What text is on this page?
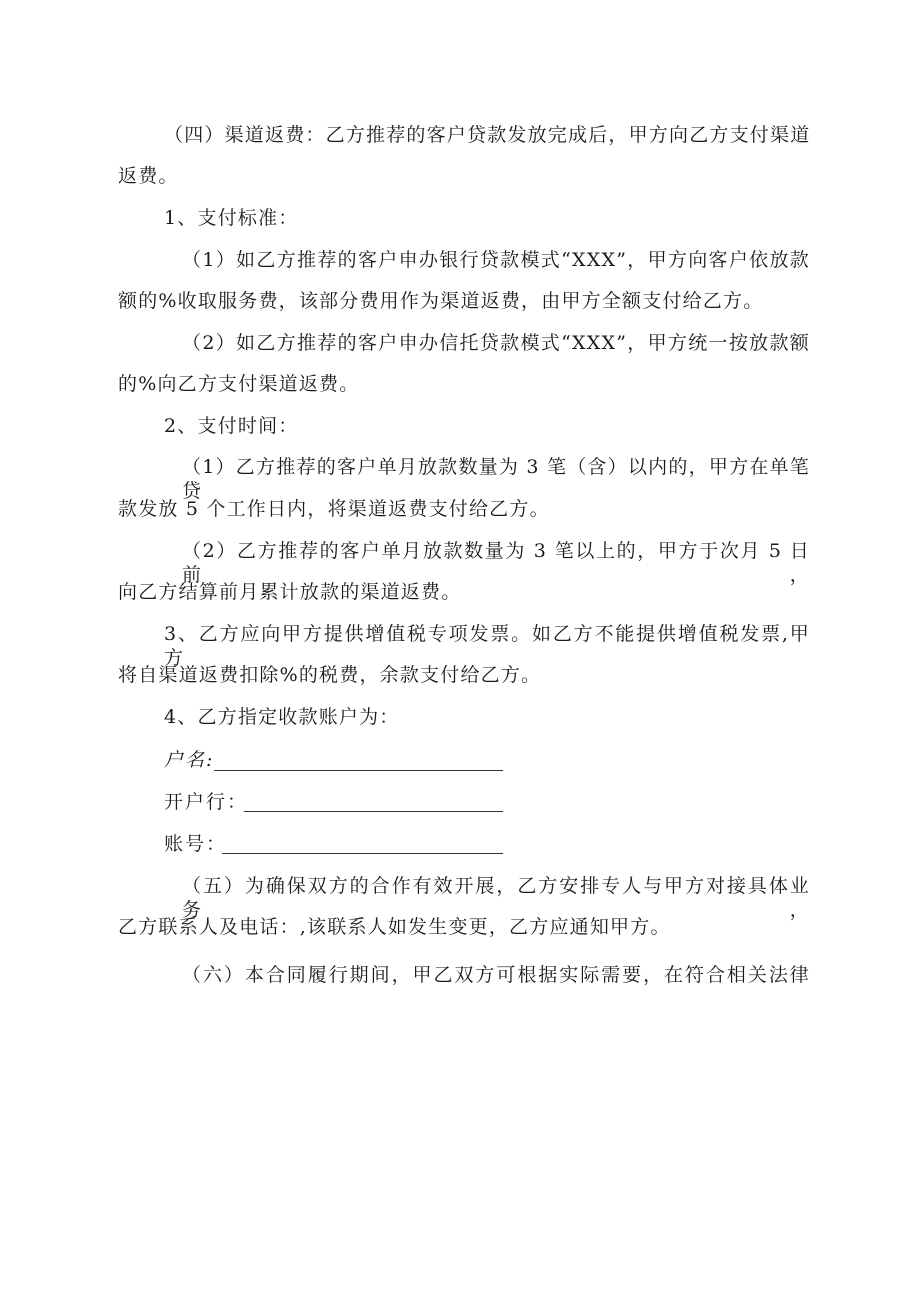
（四）渠道返费：乙方推荐的客户贷款发放完成后，甲方向乙方支付渠道
返费。
1、支付标准：
（1）如乙方推荐的客户申办银行贷款模式“XXX”，甲方向客户依放款
额的%收取服务费，该部分费用作为渠道返费，由甲方全额支付给乙方。
（2）如乙方推荐的客户申办信托贷款模式“XXX”，甲方统一按放款额
的%向乙方支付渠道返费。
2、支付时间：
（1）乙方推荐的客户单月放款数量为 3 笔（含）以内的，甲方在单笔贷
款发放 5 个工作日内，将渠道返费支付给乙方。
（2）乙方推荐的客户单月放款数量为 3 笔以上的，甲方于次月 5 日前，
向乙方结算前月累计放款的渠道返费。
3、乙方应向甲方提供增值税专项发票。如乙方不能提供增值税发票,甲方
将自渠道返费扣除%的税费，余款支付给乙方。
4、乙方指定收款账户为：
户名:
开户行：
账号：
（五）为确保双方的合作有效开展，乙方安排专人与甲方对接具体业务，
乙方联系人及电话：,该联系人如发生变更，乙方应通知甲方。
（六）本合同履行期间，甲乙双方可根据实际需要，在符合相关法律
